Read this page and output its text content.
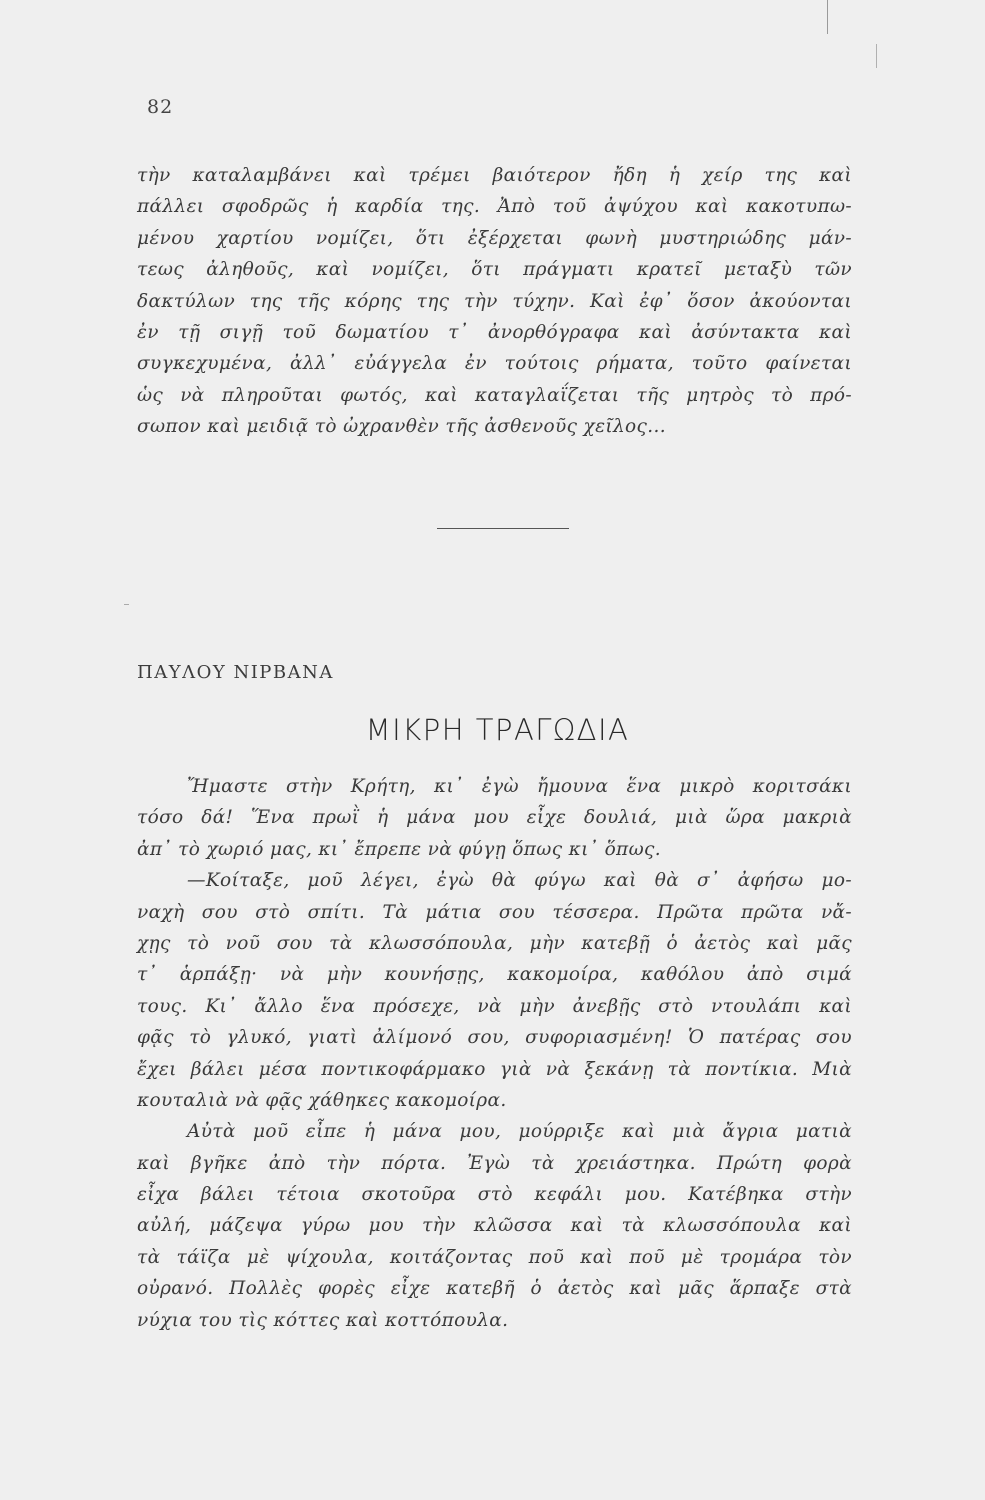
82
τὴν καταλαμβάνει καὶ τρέμει βαιότερον ἤδη ἡ χείρ της καὶ
πάλλει σφοδρῶς ἡ καρδία της. Ἀπὸ τοῦ ἀψύχου καὶ κακοτυπω-
μένου χαρτίου νομίζει, ὅτι ἐξέρχεται φωνὴ μυστηριώδης μάν-
τεως ἀληθοῦς, καὶ νομίζει, ὅτι πράγματι κρατεῖ μεταξὺ τῶν
δακτύλων της τῆς κόρης της τὴν τύχην. Καὶ ἐφ᾽ ὅσον ἀκούονται
ἐν τῇ σιγῇ τοῦ δωματίου τ᾽ ἀνορθόγραφα καὶ ἀσύντακτα καὶ
συγκεχυμένα, ἀλλ᾽ εὐάγγελα ἐν τούτοις ρήματα, τοῦτο φαίνεται
ὡς νὰ πληροῦται φωτός, καὶ καταγλαΐζεται τῆς μητρὸς τὸ πρό-
σωπον καὶ μειδιᾷ τὸ ὠχρανθὲν τῆς ἀσθενοῦς χεῖλος...
ΠΑΥΛΟΥ ΝΙΡΒΑΝΑ
ΜΙΚΡΗ ΤΡΑΓΩΔΙΑ
Ἤμαστε στὴν Κρήτη, κι᾽ ἐγὼ ἤμουνα ἕνα μικρὸ κοριτσάκι
τόσο δά! Ἕνα πρωῒ ἡ μάνα μου εἶχε δουλιά, μιὰ ὥρα μακριὰ
ἀπ᾽ τὸ χωριό μας, κι᾽ ἔπρεπε νὰ φύγῃ ὅπως κι᾽ ὅπως.
—Κοίταξε, μοῦ λέγει, ἐγὼ θὰ φύγω καὶ θὰ σ᾽ ἀφήσω μο-
ναχὴ σου στὸ σπίτι. Τὰ μάτια σου τέσσερα. Πρῶτα πρῶτα νἄ-
χῃς τὸ νοῦ σου τὰ κλωσσόπουλα, μὴν κατεβῇ ὁ ἀετὸς καὶ μᾶς
τ᾽ ἁρπάξῃ· νὰ μὴν κουνήσῃς, κακομοίρα, καθόλου ἀπὸ σιμά
τους. Κι᾽ ἄλλο ἕνα πρόσεχε, νὰ μὴν ἀνεβῇς στὸ ντουλάπι καὶ
φᾷς τὸ γλυκό, γιατὶ ἀλίμονό σου, συφοριασμένη! Ὁ πατέρας σου
ἔχει βάλει μέσα ποντικοφάρμακο γιὰ νὰ ξεκάνῃ τὰ ποντίκια. Μιὰ
κουταλιὰ νὰ φᾷς χάθηκες κακομοίρα.
Αὐτὰ μοῦ εἶπε ἡ μάνα μου, μούρριξε καὶ μιὰ ἄγρια ματιὰ
καὶ βγῆκε ἀπὸ τὴν πόρτα. Ἐγὼ τὰ χρειάστηκα. Πρώτη φορὰ
εἶχα βάλει τέτοια σκοτοῦρα στὸ κεφάλι μου. Κατέβηκα στὴν
αὐλή, μάζεψα γύρω μου τὴν κλῶσσα καὶ τὰ κλωσσόπουλα καὶ
τὰ τάϊζα μὲ ψίχουλα, κοιτάζοντας ποῦ καὶ ποῦ μὲ τρομάρα τὸν
οὐρανό. Πολλὲς φορὲς εἶχε κατεβῆ ὁ ἀετὸς καὶ μᾶς ἅρπαξε στὰ
νύχια του τὶς κόττες καὶ κοττόπουλα.
